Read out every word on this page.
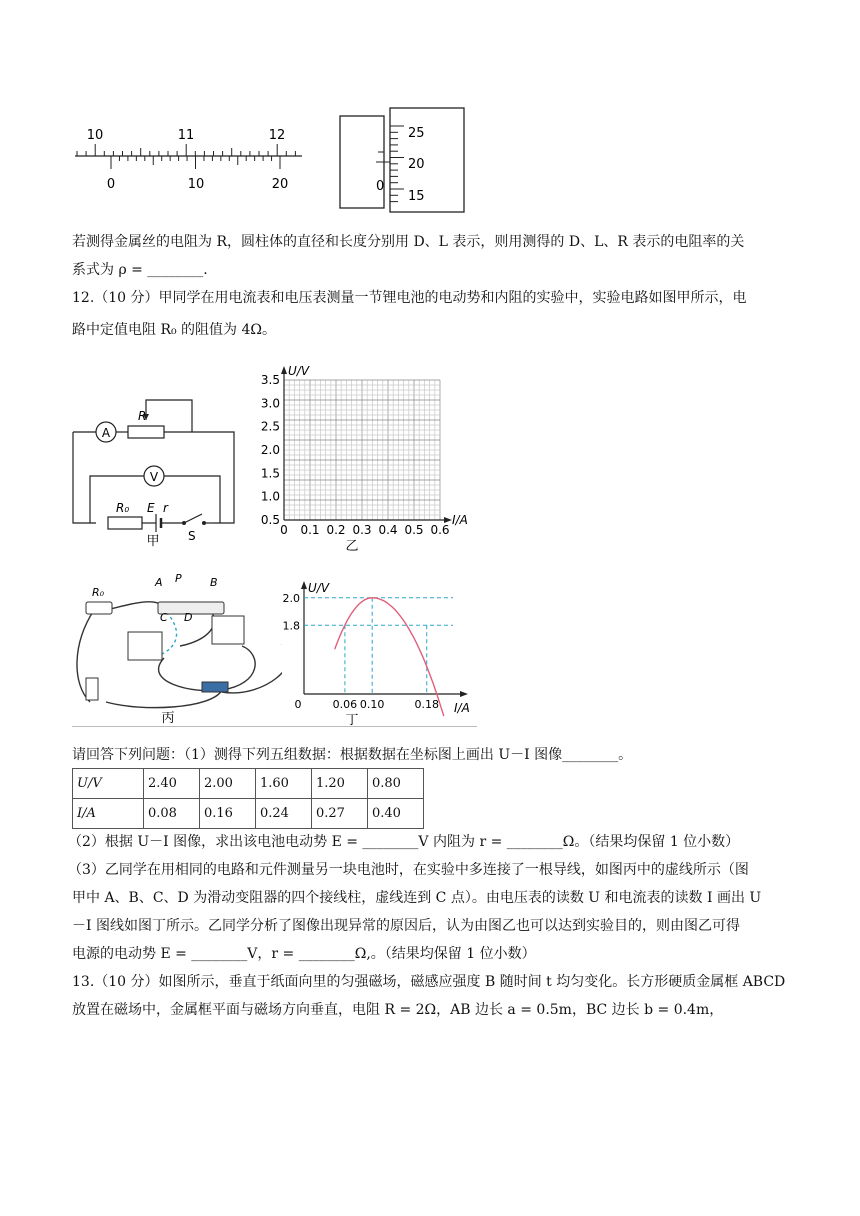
10	11	12
0	10	20
25
20
15
0
若测得金属丝的电阻为 R，圆柱体的直径和长度分别用 D、L 表示，则用测得的 D、L、R 表示的电阻率的关
系式为 ρ = ________.
12.（10 分）甲同学在用电流表和电压表测量一节锂电池的电动势和内阻的实验中，实验电路如图甲所示，电
路中定值电阻 R₀ 的阻值为 4Ω。
A
V
R
R₀ E r
S
甲
U/V
I/A
3.5
3.0
2.5
2.0
1.5
1.0
0.5
0 0.1 0.2 0.3 0.4 0.5 0.6
乙
R₀
A P	B
C D
丙
U/V
I/A
2.0
1.8
0	0.06 0.10	0.18
丁
请回答下列问题：（1）测得下列五组数据：根据数据在坐标图上画出 U－I 图像________。
U/V	2.40	2.00	1.60	1.20	0.80
I/A	0.08	0.16	0.24	0.27	0.40
（2）根据 U－I 图像，求出该电池电动势 E = ________V 内阻为 r = ________Ω。（结果均保留 1 位小数）
（3）乙同学在用相同的电路和元件测量另一块电池时，在实验中多连接了一根导线，如图丙中的虚线所示（图
甲中 A、B、C、D 为滑动变阻器的四个接线柱，虚线连到 C 点）。由电压表的读数 U 和电流表的读数 I 画出 U
－I 图线如图丁所示。乙同学分析了图像出现异常的原因后，认为由图乙也可以达到实验目的，则由图乙可得
电源的电动势 E = ________V，r = ________Ω,。（结果均保留 1 位小数）
13.（10 分）如图所示，垂直于纸面向里的匀强磁场，磁感应强度 B 随时间 t 均匀变化。长方形硬质金属框 ABCD
放置在磁场中，金属框平面与磁场方向垂直，电阻 R = 2Ω，AB 边长 a = 0.5m，BC 边长 b = 0.4m，
